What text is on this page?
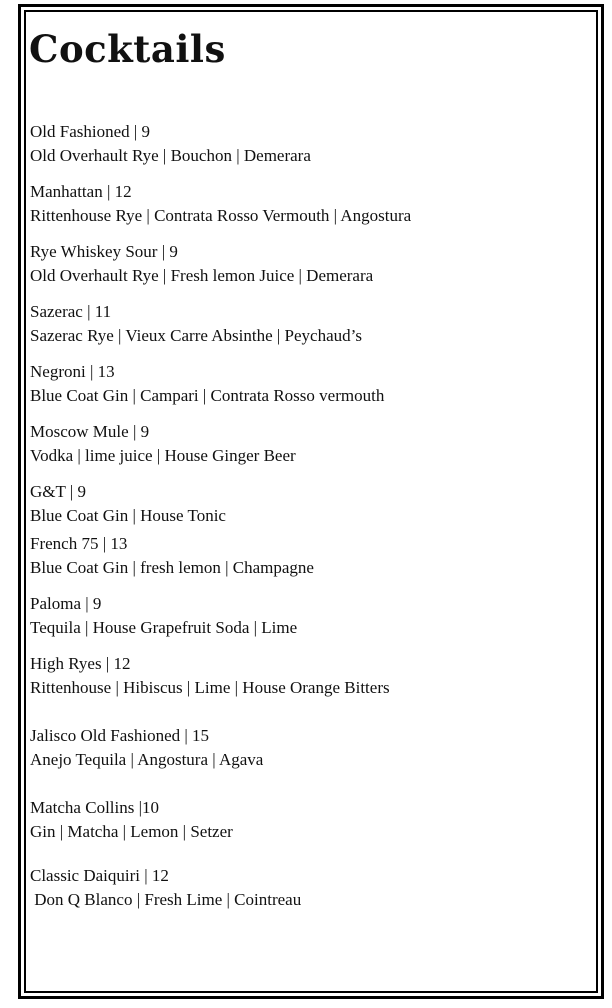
Cocktails
Old Fashioned | 9
Old Overhault Rye | Bouchon | Demerara
Manhattan | 12
Rittenhouse Rye | Contrata Rosso Vermouth | Angostura
Rye Whiskey Sour | 9
Old Overhault Rye | Fresh lemon Juice | Demerara
Sazerac | 11
Sazerac Rye | Vieux Carre Absinthe | Peychaud’s
Negroni | 13
Blue Coat Gin | Campari | Contrata Rosso vermouth
Moscow Mule | 9
Vodka | lime juice | House Ginger Beer
G&T | 9
Blue Coat Gin | House Tonic
French 75 | 13
Blue Coat Gin | fresh lemon | Champagne
Paloma | 9
Tequila | House Grapefruit Soda | Lime
High Ryes | 12
Rittenhouse | Hibiscus | Lime | House Orange Bitters
Jalisco Old Fashioned | 15
Anejo Tequila | Angostura | Agava
Matcha Collins |10
Gin | Matcha | Lemon | Setzer
Classic Daiquiri | 12
Don Q Blanco | Fresh Lime | Cointreau
